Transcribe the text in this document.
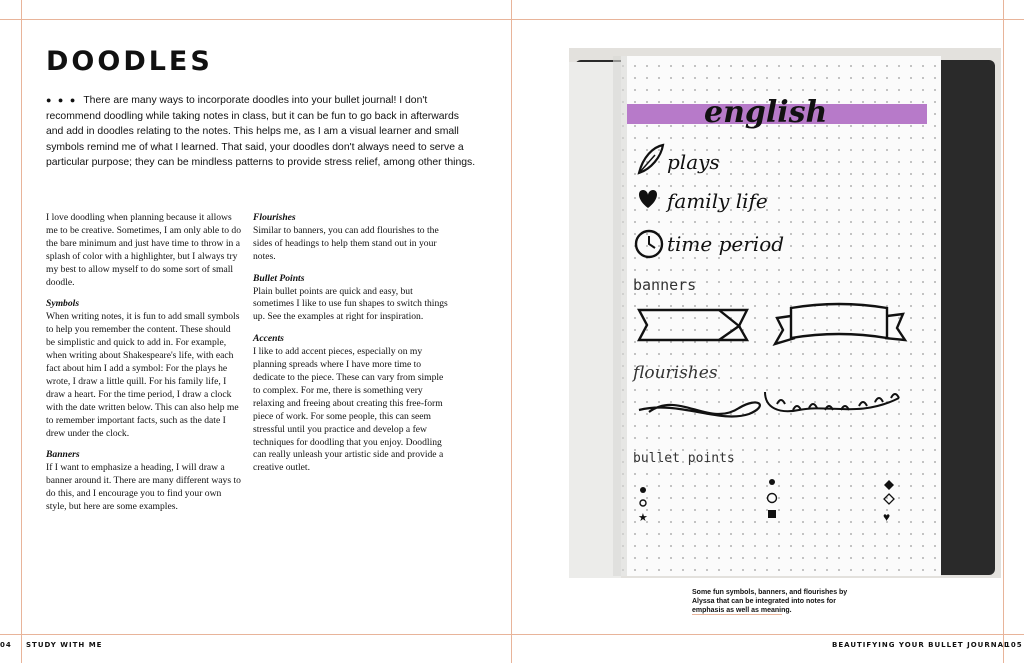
DOODLES

● ● ● There are many ways to incorporate doodles into your bullet journal! I don't recommend doodling while taking notes in class, but it can be fun to go back in afterwards and add in doodles relating to the notes. This helps me, as I am a visual learner and small symbols remind me of what I learned. That said, your doodles don't always need to serve a particular purpose; they can be mindless patterns to provide stress relief, among other things.

I love doodling when planning because it allows me to be creative. Sometimes, I am only able to do the bare minimum and just have time to throw in a splash of color with a highlighter, but I always try my best to allow myself to do some sort of small doodle.

Symbols

When writing notes, it is fun to add small symbols to help you remember the content. These should be simplistic and quick to add in. For example, when writing about Shakespeare's life, with each fact about him I add a symbol: For the plays he wrote, I draw a little quill. For his family life, I draw a heart. For the time period, I draw a clock with the date written below. This can also help me to remember important facts, such as the date I drew under the clock.

Banners

If I want to emphasize a heading, I will draw a banner around it. There are many different ways to do this, and I encourage you to find your own style, but here are some examples.

Flourishes

Similar to banners, you can add flourishes to the sides of headings to help them stand out in your notes.

Bullet Points

Plain bullet points are quick and easy, but sometimes I like to use fun shapes to switch things up. See the examples at right for inspiration.

Accents

I like to add accent pieces, especially on my planning spreads where I have more time to dedicate to the piece. These can vary from simple to complex. For me, there is something very relaxing and freeing about creating this free-form piece of work. For some people, this can seem stressful until you practice and develop a few techniques for doodling that you enjoy. Doodling can really unleash your artistic side and provide a creative outlet.

english
plays
family life
time period
banners
flourishes
bullet points
★	♥

Some fun symbols, banners, and flourishes by Alyssa that can be integrated into notes for emphasis as well as meaning.

04 STUDY WITH ME	BEAUTIFYING YOUR BULLET JOURNAL
105
